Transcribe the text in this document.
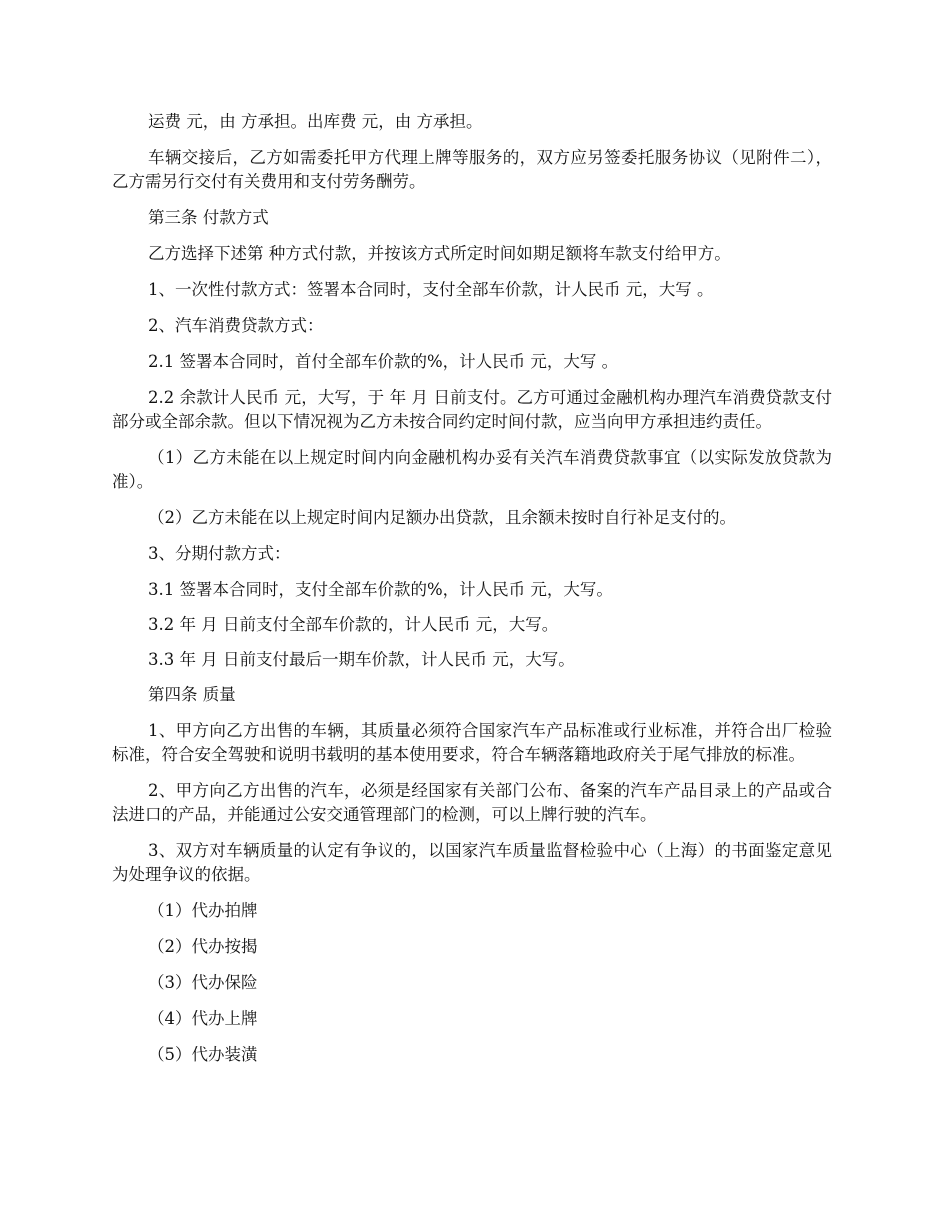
运费 元，由 方承担。出库费 元，由 方承担。

车辆交接后，乙方如需委托甲方代理上牌等服务的，双方应另签委托服务协议（见附件二），乙方需另行交付有关费用和支付劳务酬劳。

第三条 付款方式

乙方选择下述第 种方式付款，并按该方式所定时间如期足额将车款支付给甲方。

1、一次性付款方式：签署本合同时，支付全部车价款，计人民币 元，大写 。

2、汽车消费贷款方式：

2.1 签署本合同时，首付全部车价款的%，计人民币 元，大写 。

2.2 余款计人民币 元，大写，于 年 月 日前支付。乙方可通过金融机构办理汽车消费贷款支付部分或全部余款。但以下情况视为乙方未按合同约定时间付款，应当向甲方承担违约责任。

（1）乙方未能在以上规定时间内向金融机构办妥有关汽车消费贷款事宜（以实际发放贷款为准）。

（2）乙方未能在以上规定时间内足额办出贷款，且余额未按时自行补足支付的。

3、分期付款方式：

3.1 签署本合同时，支付全部车价款的%，计人民币 元，大写。

3.2 年 月 日前支付全部车价款的，计人民币 元，大写。

3.3 年 月 日前支付最后一期车价款，计人民币 元，大写。

第四条 质量

1、甲方向乙方出售的车辆，其质量必须符合国家汽车产品标准或行业标准，并符合出厂检验标准，符合安全驾驶和说明书载明的基本使用要求，符合车辆落籍地政府关于尾气排放的标准。

2、甲方向乙方出售的汽车，必须是经国家有关部门公布、备案的汽车产品目录上的产品或合法进口的产品，并能通过公安交通管理部门的检测，可以上牌行驶的汽车。

3、双方对车辆质量的认定有争议的，以国家汽车质量监督检验中心（上海）的书面鉴定意见为处理争议的依据。

（1）代办拍牌

（2）代办按揭

（3）代办保险

（4）代办上牌

（5）代办装潢
